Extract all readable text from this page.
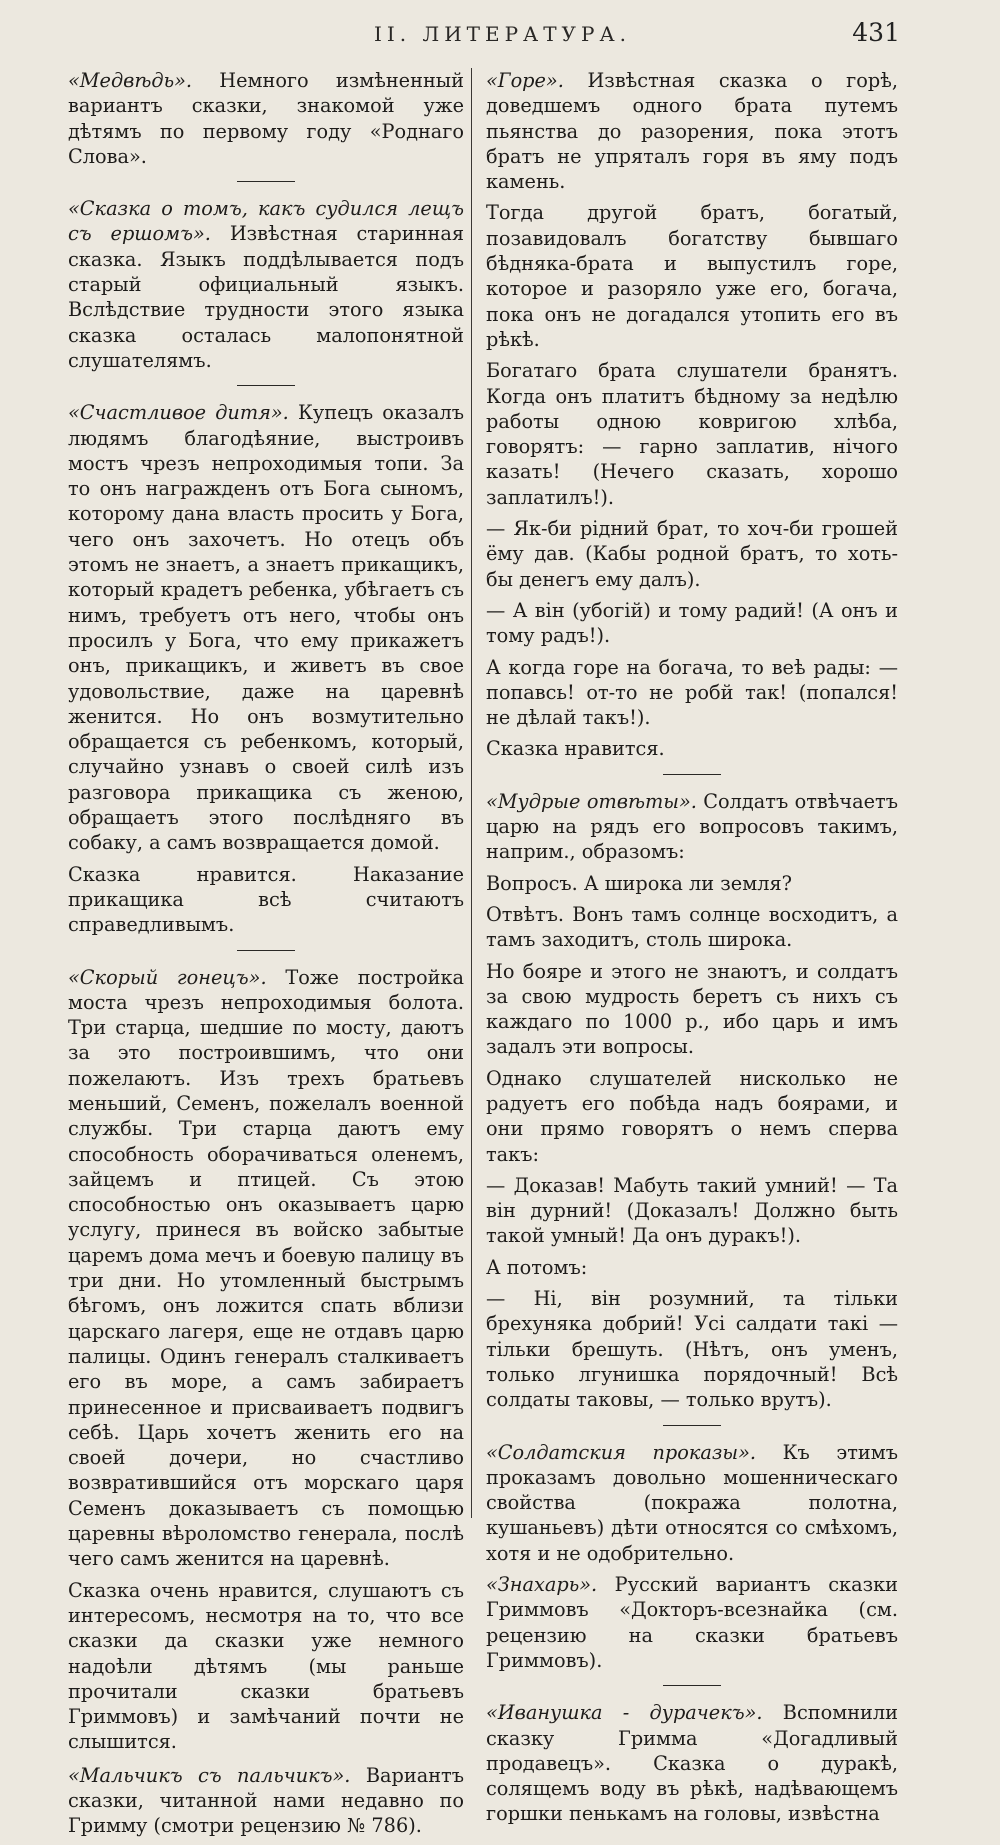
II. ЛИТЕРАТУРА.	431

«Медвѣдь». Немного измѣненный вариантъ сказки, знакомой уже дѣтямъ по первому году «Роднаго Слова».

«Сказка о томъ, какъ судился лещъ съ ершомъ». Извѣстная старинная сказка. Языкъ поддѣлывается подъ старый официальный языкъ. Вслѣдствие трудности этого языка сказка осталась малопонятной слушателямъ.

«Счастливое дитя». Купецъ оказалъ людямъ благодѣяние, выстроивъ мостъ чрезъ непроходимыя топи. За то онъ награжденъ отъ Бога сыномъ, которому дана власть просить у Бога, чего онъ захочетъ. Но отецъ объ этомъ не знаетъ, а знаетъ прикащикъ, который крадетъ ребенка, убѣгаетъ съ нимъ, требуетъ отъ него, чтобы онъ просилъ у Бога, что ему прикажетъ онъ, прикащикъ, и живетъ въ свое удовольствие, даже на царевнѣ женится. Но онъ возмутительно обращается съ ребенкомъ, который, случайно узнавъ о своей силѣ изъ разговора прикащика съ женою, обращаетъ этого послѣдняго въ собаку, а самъ возвращается домой.

Сказка нравится. Наказание прикащика всѣ считаютъ справедливымъ.

«Скорый гонецъ». Тоже постройка моста чрезъ непроходимыя болота. Три старца, шедшие по мосту, даютъ за это построившимъ, что они пожелаютъ. Изъ трехъ братьевъ меньший, Семенъ, пожелалъ военной службы. Три старца даютъ ему способность оборачиваться оленемъ, зайцемъ и птицей. Съ этою способностью онъ оказываетъ царю услугу, принеся въ войско забытые царемъ дома мечъ и боевую палицу въ три дни. Но утомленный быстрымъ бѣгомъ, онъ ложится спать вблизи царскаго лагеря, еще не отдавъ царю палицы. Одинъ генералъ сталкиваетъ его въ море, а самъ забираетъ принесенное и присваиваетъ подвигъ себѣ. Царь хочетъ женить его на своей дочери, но счастливо возвратившийся отъ морскаго царя Семенъ доказываетъ съ помощью царевны вѣроломство генерала, послѣ чего самъ женится на царевнѣ.

Сказка очень нравится, слушаютъ съ интересомъ, несмотря на то, что все сказки да сказки уже немного надоѣли дѣтямъ (мы раньше прочитали сказки братьевъ Гриммовъ) и замѣчаний почти не слышится.

«Мальчикъ съ пальчикъ». Вариантъ сказки, читанной нами недавно по Гримму (смотри рецензию № 786).

«Горе». Извѣстная сказка о горѣ, доведшемъ одного брата путемъ пьянства до разорения, пока этотъ братъ не упряталъ горя въ яму подъ камень.

Тогда другой братъ, богатый, позавидовалъ богатству бывшаго бѣдняка-брата и выпустилъ горе, которое и разоряло уже его, богача, пока онъ не догадался утопить его въ рѣкѣ.

Богатаго брата слушатели бранятъ. Когда онъ платитъ бѣдному за недѣлю работы одною ковригою хлѣба, говорятъ: — гарно заплатив, нічого казать! (Нечего сказать, хорошо заплатилъ!).

— Як-би рідний брат, то хоч-би грошей ёму дав. (Кабы родной братъ, то хоть-бы денегъ ему далъ).

— А він (убогій) и тому радий! (А онъ и тому радъ!).

А когда горе на богача, то веѣ рады: — попавсь! от-то не робй так! (попался! не дѣлай такъ!).

Сказка нравится.

«Мудрые отвѣты». Солдатъ отвѣчаетъ царю на рядъ его вопросовъ такимъ, наприм., образомъ:

Вопросъ. А широка ли земля?

Отвѣтъ. Вонъ тамъ солнце восходитъ, а тамъ заходитъ, столь широка.

Но бояре и этого не знаютъ, и солдатъ за свою мудрость беретъ съ нихъ съ каждаго по 1000 р., ибо царь и имъ задалъ эти вопросы.

Однако слушателей нисколько не радуетъ его побѣда надъ боярами, и они прямо говорятъ о немъ сперва такъ:

— Доказав! Мабуть такий умний! — Та він дурний! (Доказалъ! Должно быть такой умный! Да онъ дуракъ!).

А потомъ:

— Ні, він розумний, та тільки брехуняка добрий! Усі салдати такі — тільки брешуть. (Нѣтъ, онъ уменъ, только лгунишка порядочный! Всѣ солдаты таковы, — только врутъ).

«Солдатския проказы». Къ этимъ проказамъ довольно мошенническаго свойства (покража полотна, кушаньевъ) дѣти относятся со смѣхомъ, хотя и не одобрительно.

«Знахарь». Русский вариантъ сказки Гриммовъ «Докторъ-всезнайка (см. рецензию на сказки братьевъ Гриммовъ).

«Иванушка - дурачекъ». Вспомнили сказку Гримма «Догадливый продавецъ». Сказка о дуракѣ, солящемъ воду въ рѣкѣ, надѣвающемъ горшки пенькамъ на головы, извѣстна
